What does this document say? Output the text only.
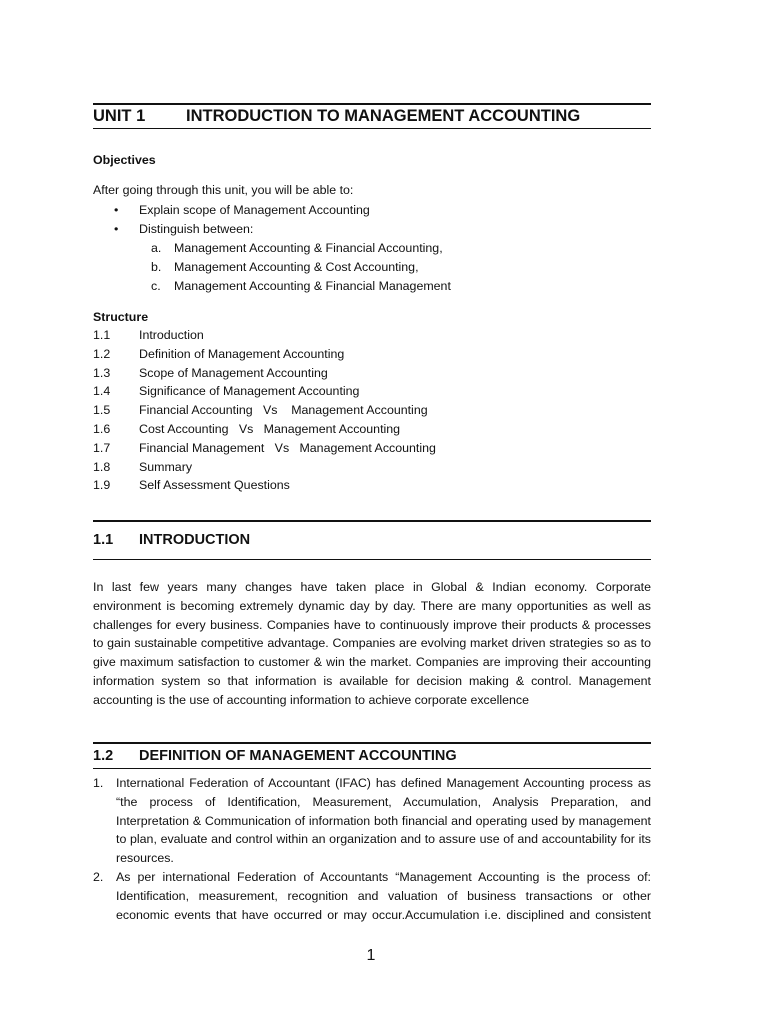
UNIT 1 INTRODUCTION TO MANAGEMENT ACCOUNTING
Objectives
After going through this unit, you will be able to:
• Explain scope of Management Accounting
• Distinguish between:
a. Management Accounting & Financial Accounting,
b. Management Accounting & Cost Accounting,
c. Management Accounting & Financial Management
Structure
1.1 Introduction
1.2 Definition of Management Accounting
1.3 Scope of Management Accounting
1.4 Significance of Management Accounting
1.5 Financial Accounting   Vs    Management Accounting
1.6 Cost Accounting   Vs   Management Accounting
1.7 Financial Management   Vs   Management Accounting
1.8 Summary
1.9 Self Assessment Questions
1.1 INTRODUCTION
In last few years many changes have taken place in Global & Indian economy. Corporate environment is becoming extremely dynamic day by day. There are many opportunities as well as challenges for every business. Companies have to continuously improve their products & processes to gain sustainable competitive advantage. Companies are evolving market driven strategies so as to give maximum satisfaction to customer & win the market. Companies are improving their accounting information system so that information is available for decision making & control. Management accounting is the use of accounting information to achieve corporate excellence
1.2 DEFINITION OF MANAGEMENT ACCOUNTING
1. International Federation of Accountant (IFAC) has defined Management Accounting process as “the process of Identification, Measurement, Accumulation, Analysis Preparation, and Interpretation & Communication of information both financial and operating used by management to plan, evaluate and control within an organization and to assure use of and accountability for its resources.
2. As per international Federation of Accountants “Management Accounting is the process of: Identification, measurement, recognition and valuation of business transactions or other economic events that have occurred or may occur.Accumulation i.e. disciplined and consistent
1
